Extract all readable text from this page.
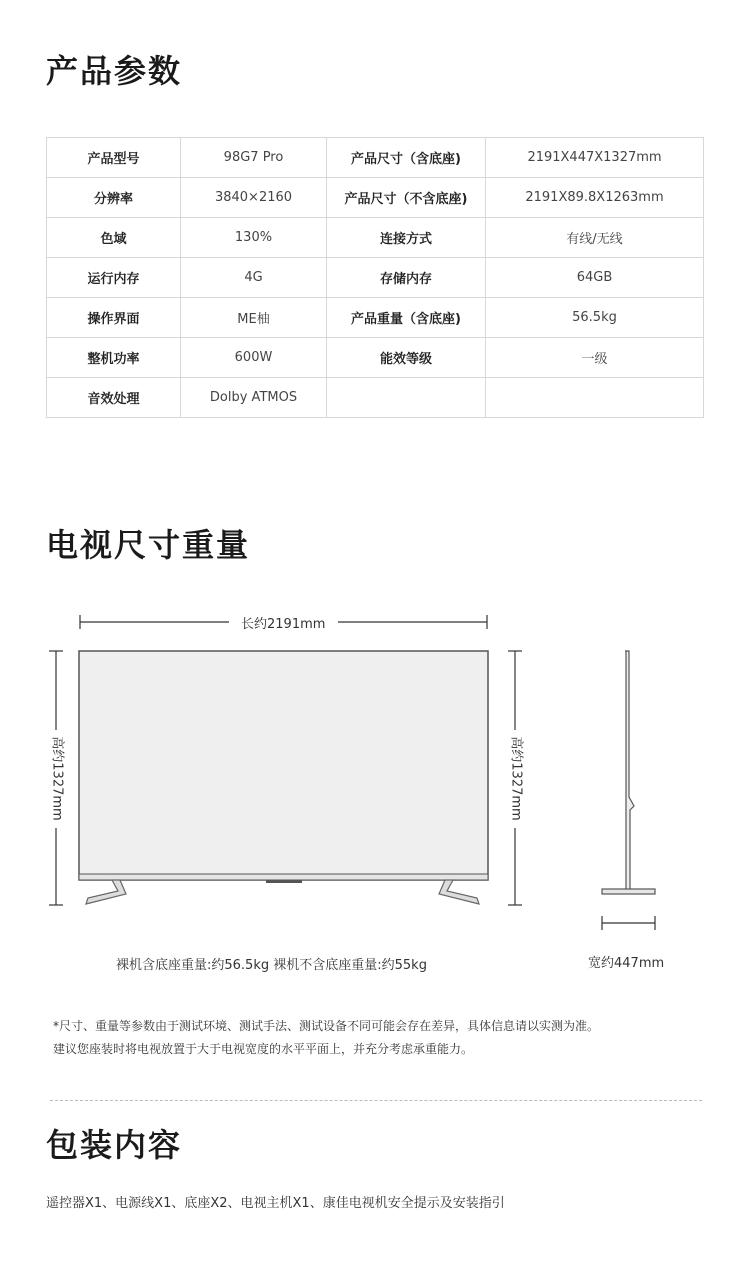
产品参数
产品型号	98G7 Pro	产品尺寸（含底座)	2191X447X1327mm
分辨率	3840×2160	产品尺寸（不含底座)	2191X89.8X1263mm
色域	130%	连接方式	有线/无线
运行内存	4G	存储内存	64GB
操作界面	ME柚	产品重量（含底座)	56.5kg
整机功率	600W	能效等级	一级
音效处理	Dolby ATMOS		
电视尺寸重量
长约2191mm
高约1327mm	高约1327mm
裸机含底座重量:约56.5kg 裸机不含底座重量:约55kg	宽约447mm
*尺寸、重量等参数由于测试环境、测试手法、测试设备不同可能会存在差异，具体信息请以实测为准。
建议您座装时将电视放置于大于电视宽度的水平平面上，并充分考虑承重能力。
包装内容
遥控器X1、电源线X1、底座X2、电视主机X1、康佳电视机安全提示及安装指引
